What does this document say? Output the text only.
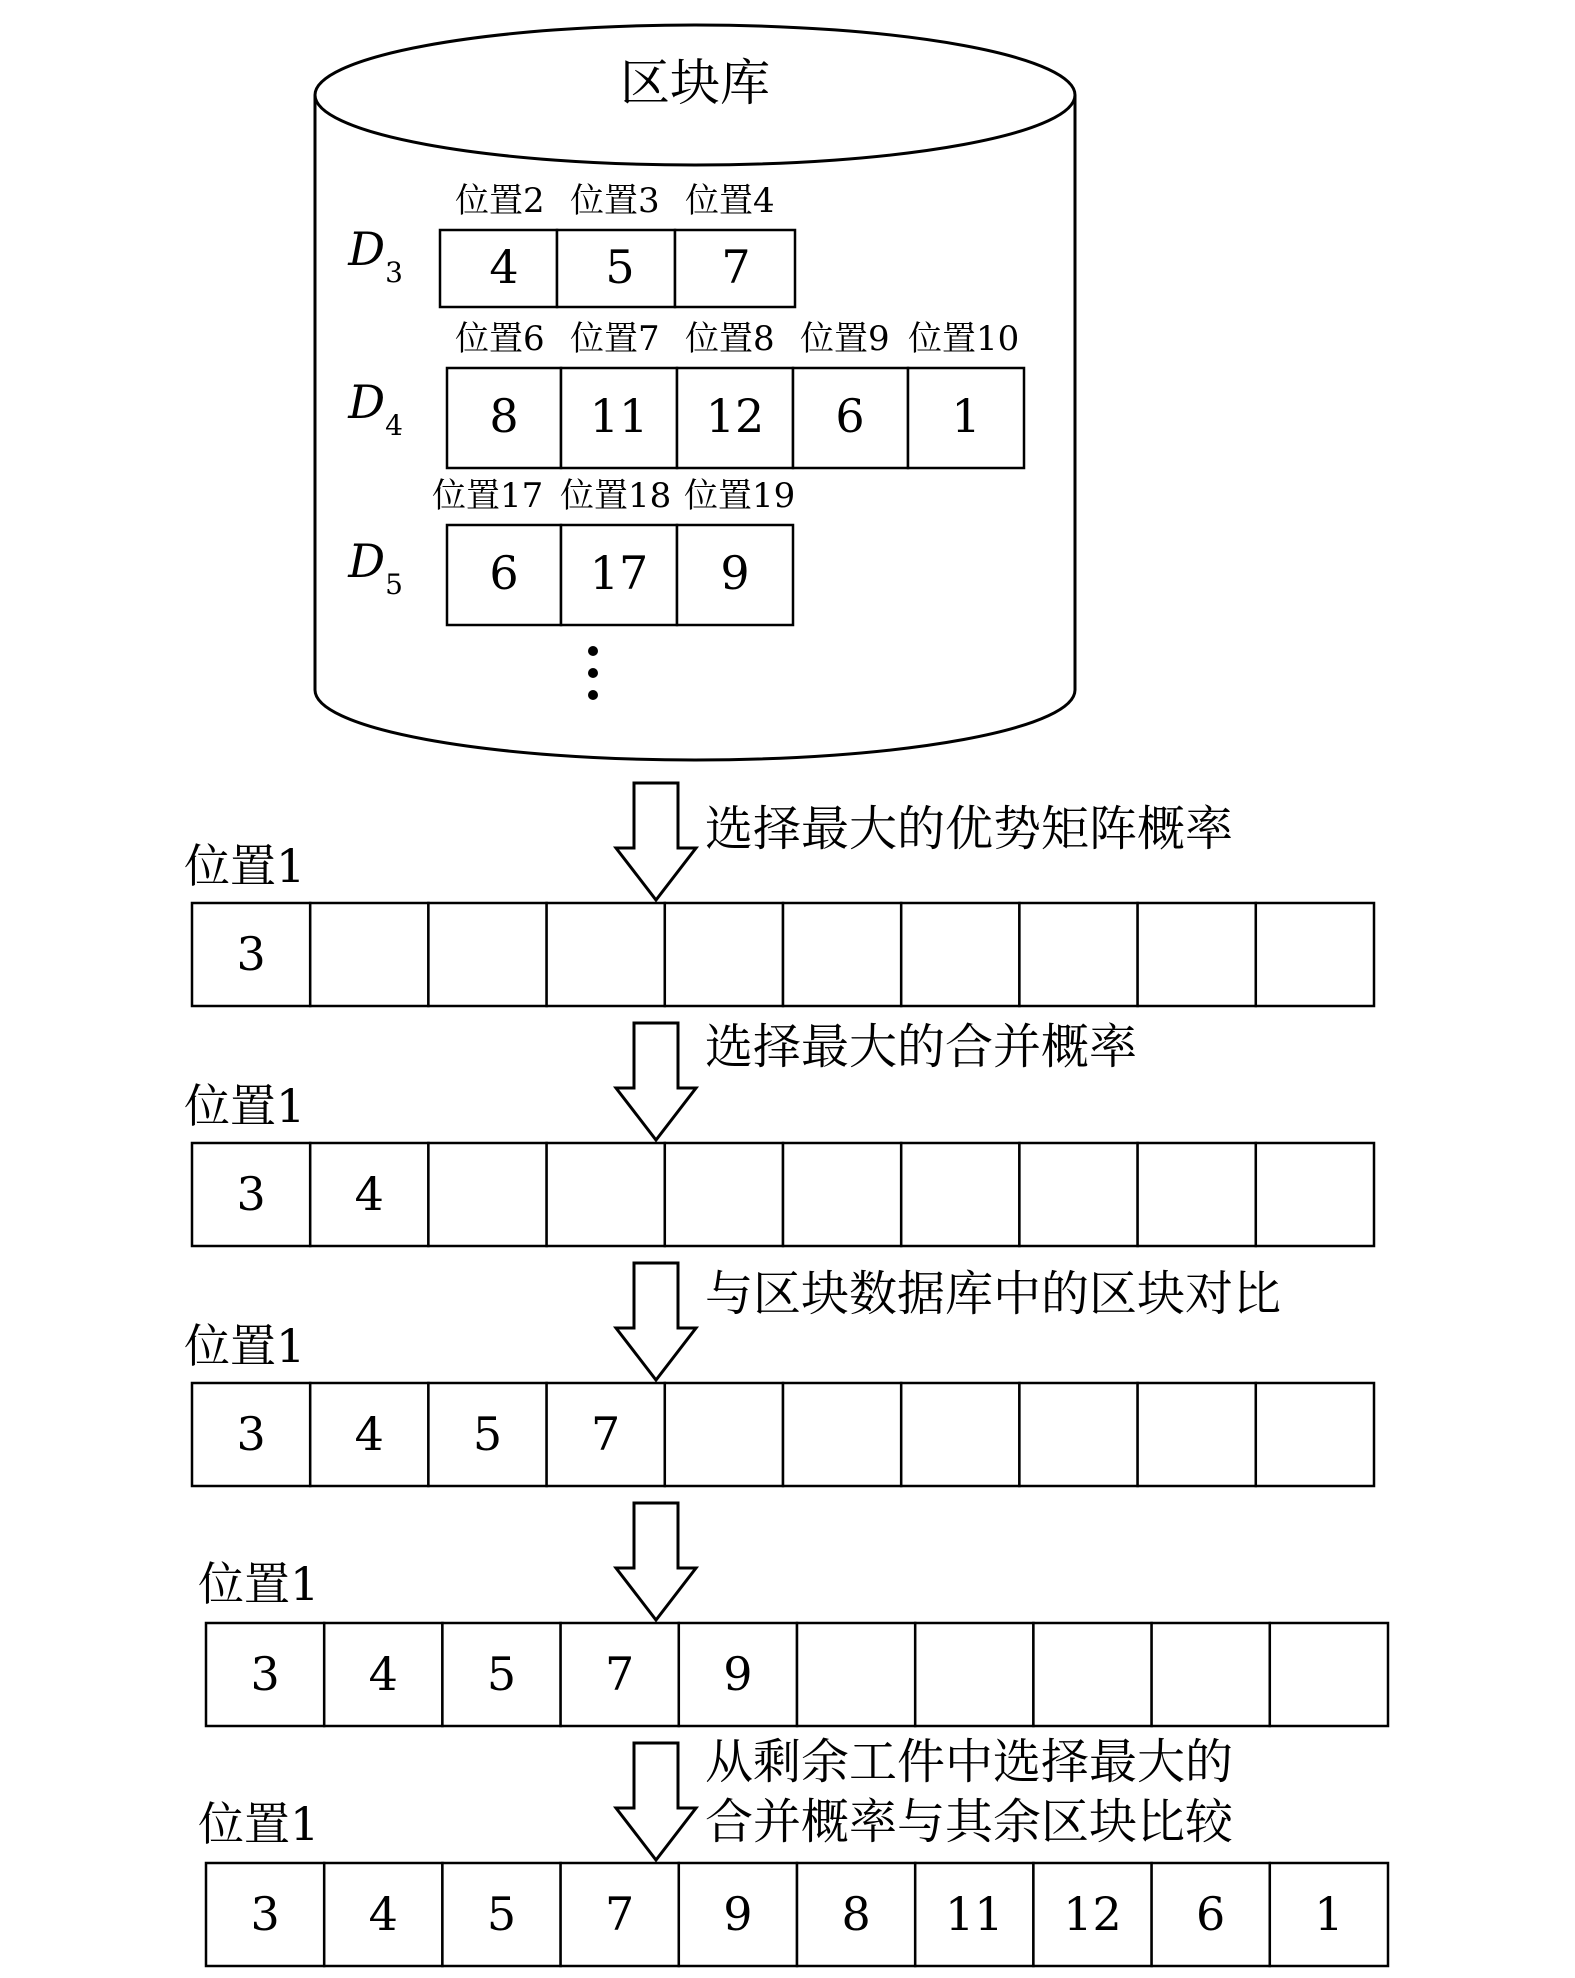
区块库
$D_3$
位置2 位置3 位置4
4 5 7
$D_4$
位置6 位置7 位置8 位置9 位置10
8 11 12 6 1
$D_5$
位置17 位置18 位置19
6 17 9
选择最大的优势矩阵概率
位置1
3
选择最大的合并概率
位置1
3 4
与区块数据库中的区块对比
位置1
3 4 5 7
位置1
3 4 5 7 9
从剩余工件中选择最大的
合并概率与其余区块比较
位置1
3 4 5 7 9 8 11 12 6 1
